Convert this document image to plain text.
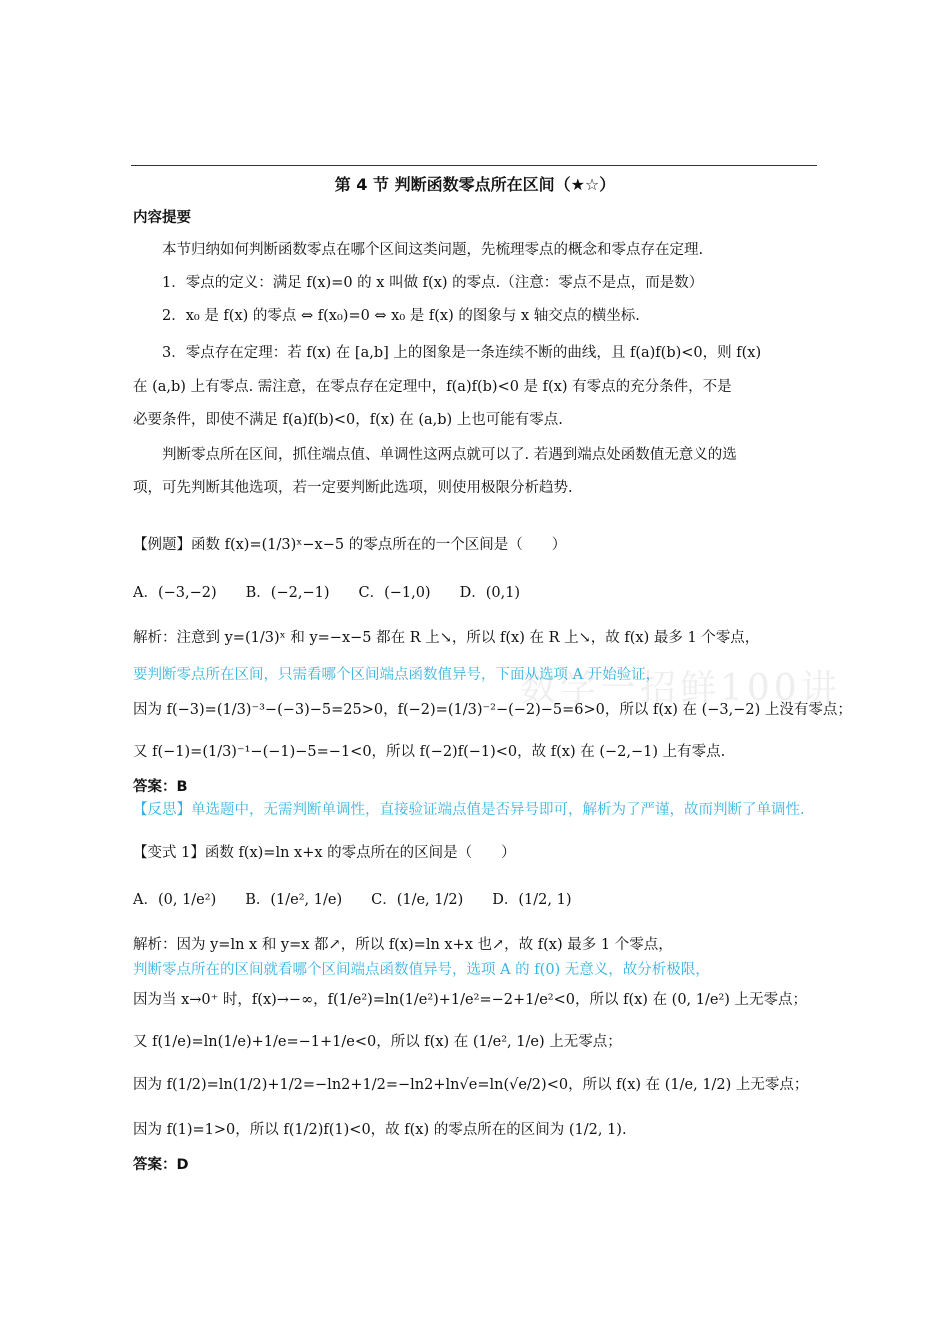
数学一招鲜100讲
第 4 节 判断函数零点所在区间（★☆）
内容提要
本节归纳如何判断函数零点在哪个区间这类问题，先梳理零点的概念和零点存在定理.
1．零点的定义：满足 f(x)=0 的 x 叫做 f(x) 的零点.（注意：零点不是点，而是数）
2．x₀ 是 f(x) 的零点 ⇔ f(x₀)=0 ⇔ x₀ 是 f(x) 的图象与 x 轴交点的横坐标.
3．零点存在定理：若 f(x) 在 [a,b] 上的图象是一条连续不断的曲线，且 f(a)f(b)<0，则 f(x)
在 (a,b) 上有零点. 需注意，在零点存在定理中，f(a)f(b)<0 是 f(x) 有零点的充分条件，不是
必要条件，即使不满足 f(a)f(b)<0，f(x) 在 (a,b) 上也可能有零点.
判断零点所在区间，抓住端点值、单调性这两点就可以了. 若遇到端点处函数值无意义的选
项，可先判断其他选项，若一定要判断此选项，则使用极限分析趋势.
【例题】函数 f(x)=(1/3)ˣ−x−5 的零点所在的一个区间是（　　）
A．(−3,−2)　　B．(−2,−1)　　C．(−1,0)　　D．(0,1)
解析：注意到 y=(1/3)ˣ 和 y=−x−5 都在 R 上↘，所以 f(x) 在 R 上↘，故 f(x) 最多 1 个零点，
要判断零点所在区间，只需看哪个区间端点函数值异号，下面从选项 A 开始验证，
因为 f(−3)=(1/3)⁻³−(−3)−5=25>0，f(−2)=(1/3)⁻²−(−2)−5=6>0，所以 f(x) 在 (−3,−2) 上没有零点；
又 f(−1)=(1/3)⁻¹−(−1)−5=−1<0，所以 f(−2)f(−1)<0，故 f(x) 在 (−2,−1) 上有零点.
答案：B
【反思】单选题中，无需判断单调性，直接验证端点值是否异号即可，解析为了严谨，故而判断了单调性.
【变式 1】函数 f(x)=ln x+x 的零点所在的区间是（　　）
A．(0, 1/e²)　　B．(1/e², 1/e)　　C．(1/e, 1/2)　　D．(1/2, 1)
解析：因为 y=ln x 和 y=x 都↗，所以 f(x)=ln x+x 也↗，故 f(x) 最多 1 个零点，
判断零点所在的区间就看哪个区间端点函数值异号，选项 A 的 f(0) 无意义，故分析极限，
因为当 x→0⁺ 时，f(x)→−∞，f(1/e²)=ln(1/e²)+1/e²=−2+1/e²<0，所以 f(x) 在 (0, 1/e²) 上无零点；
又 f(1/e)=ln(1/e)+1/e=−1+1/e<0，所以 f(x) 在 (1/e², 1/e) 上无零点；
因为 f(1/2)=ln(1/2)+1/2=−ln2+1/2=−ln2+ln√e=ln(√e/2)<0，所以 f(x) 在 (1/e, 1/2) 上无零点；
因为 f(1)=1>0，所以 f(1/2)f(1)<0，故 f(x) 的零点所在的区间为 (1/2, 1).
答案：D
